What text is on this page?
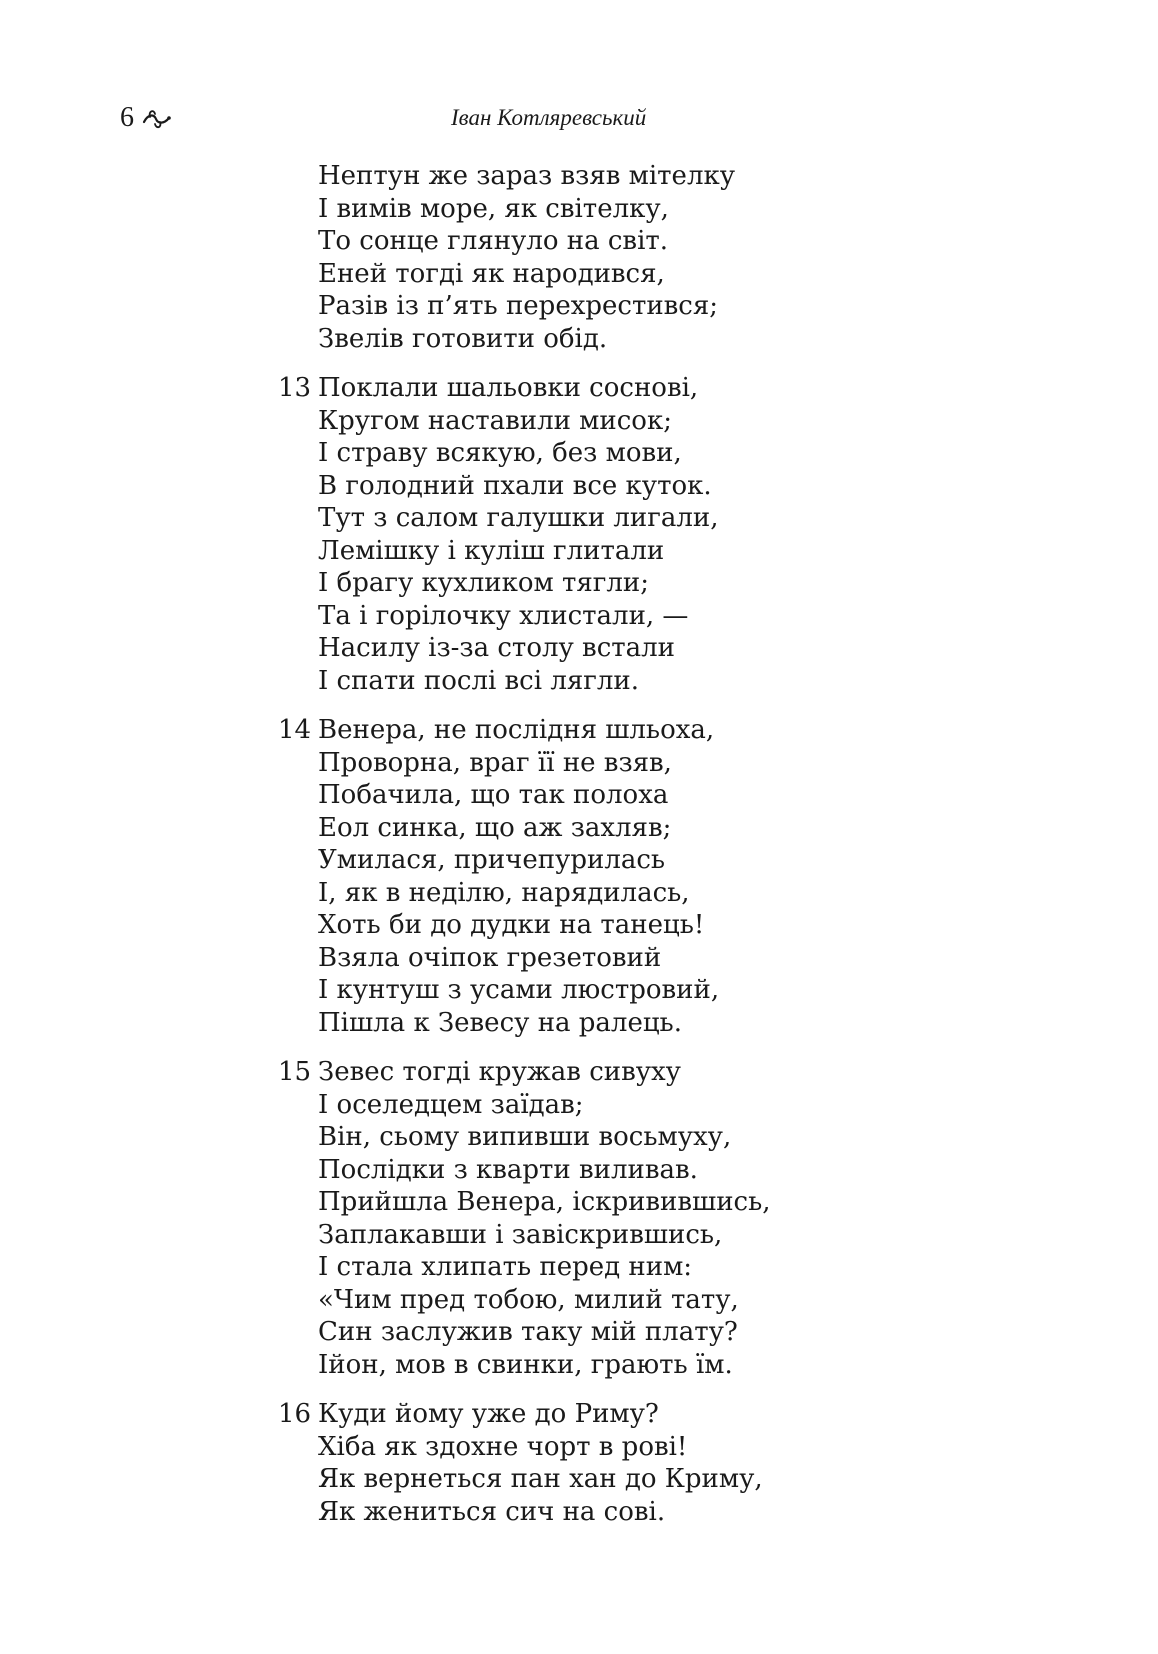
6	Іван Котляревський
Нептун же зараз взяв мітелку
І вимів море, як світелку,
То сонце глянуло на світ.
Еней тогді як народився,
Разів із п’ять перехрестився;
Звелів готовити обід.
13 Поклали шальовки соснові,
Кругом наставили мисок;
І страву всякую, без мови,
В голодний пхали все куток.
Тут з салом галушки лигали,
Лемішку і куліш глитали
І брагу кухликом тягли;
Та і горілочку хлистали, —
Насилу із-за столу встали
І спати послі всі лягли.
14 Венера, не послідня шльоха,
Проворна, враг її не взяв,
Побачила, що так полоха
Еол синка, що аж захляв;
Умилася, причепурилась
І, як в неділю, нарядилась,
Хоть би до дудки на танець!
Взяла очіпок грезетовий
І кунтуш з усами люстровий,
Пішла к Зевесу на ралець.
15 Зевес тогді кружав сивуху
І оселедцем заїдав;
Він, сьому випивши восьмуху,
Послідки з кварти виливав.
Прийшла Венера, іскривившись,
Заплакавши і завіскрившись,
І стала хлипать перед ним:
«Чим пред тобою, милий тату,
Син заслужив таку мій плату?
Ійон, мов в свинки, грають їм.
16 Куди йому уже до Риму?
Хіба як здохне чорт в рові!
Як вернеться пан хан до Криму,
Як жениться сич на сові.
